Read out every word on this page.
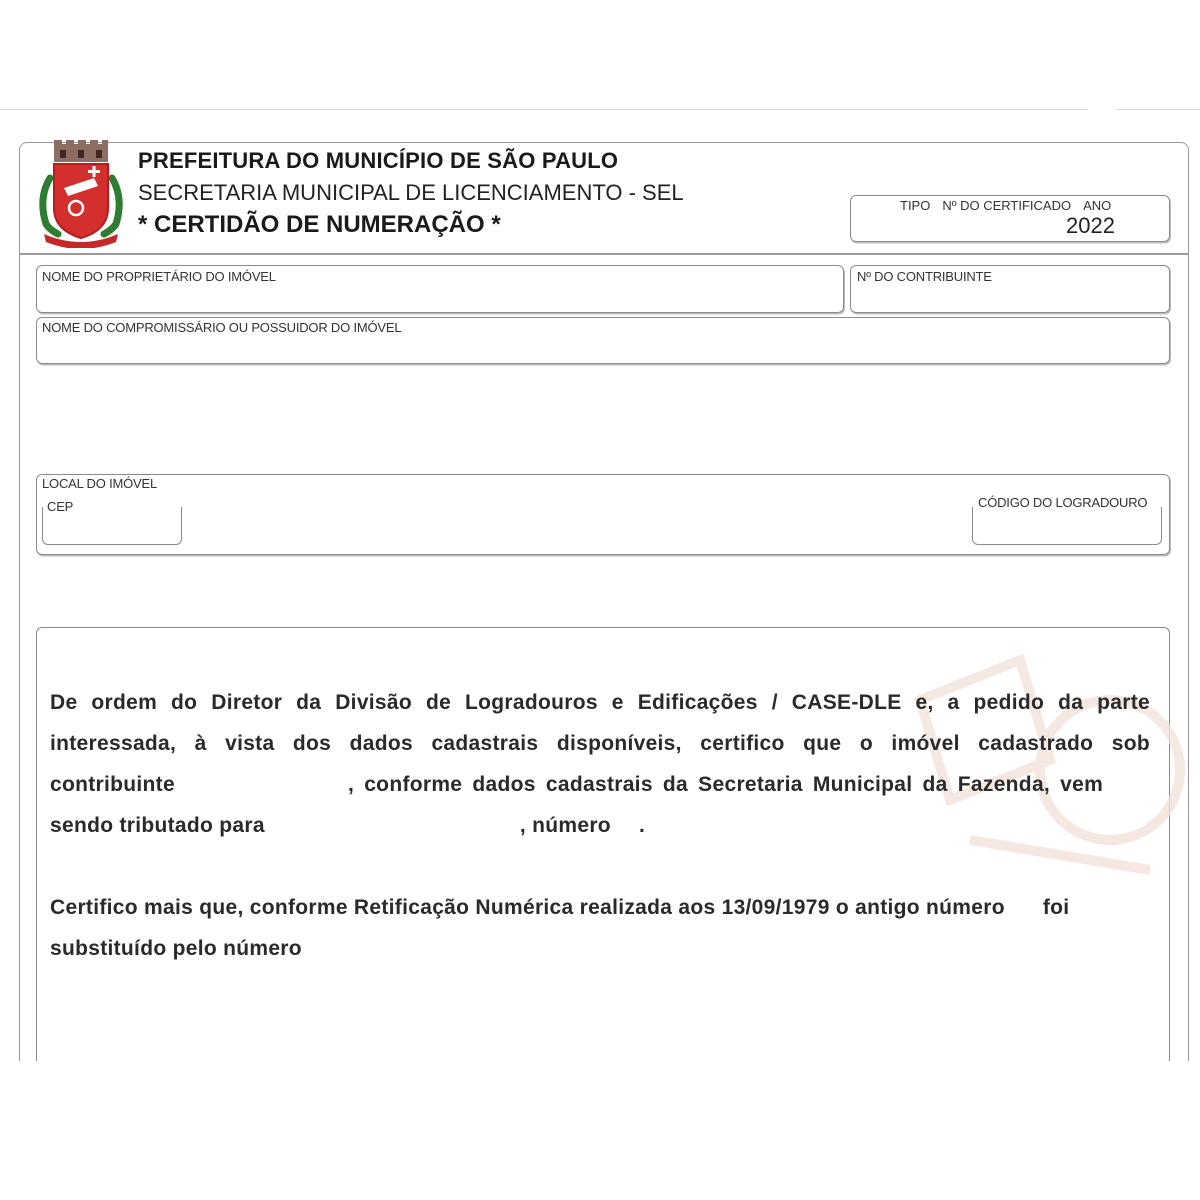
PREFEITURA DO MUNICÍPIO DE SÃO PAULO
SECRETARIA MUNICIPAL DE LICENCIAMENTO - SEL
* CERTIDÃO DE NUMERAÇÃO *
TIPO Nº DO CERTIFICADO ANO
2022
NOME DO PROPRIETÁRIO DO IMÓVEL	Nº DO CONTRIBUINTE
NOME DO COMPROMISSÁRIO OU POSSUIDOR DO IMÓVEL
LOCAL DO IMÓVEL
CEP	CÓDIGO DO LOGRADOURO
De ordem do Diretor da Divisão de Logradouros e Edificações / CASE-DLE e, a pedido da parte
interessada, à vista dos dados cadastrais disponíveis, certifico que o imóvel cadastrado sob
contribuinte	, conforme dados cadastrais da Secretaria Municipal da Fazenda, vem
sendo tributado para	, número .
Certifico mais que, conforme Retificação Numérica realizada aos 13/09/1979 o antigo número foi
substituído pelo número
